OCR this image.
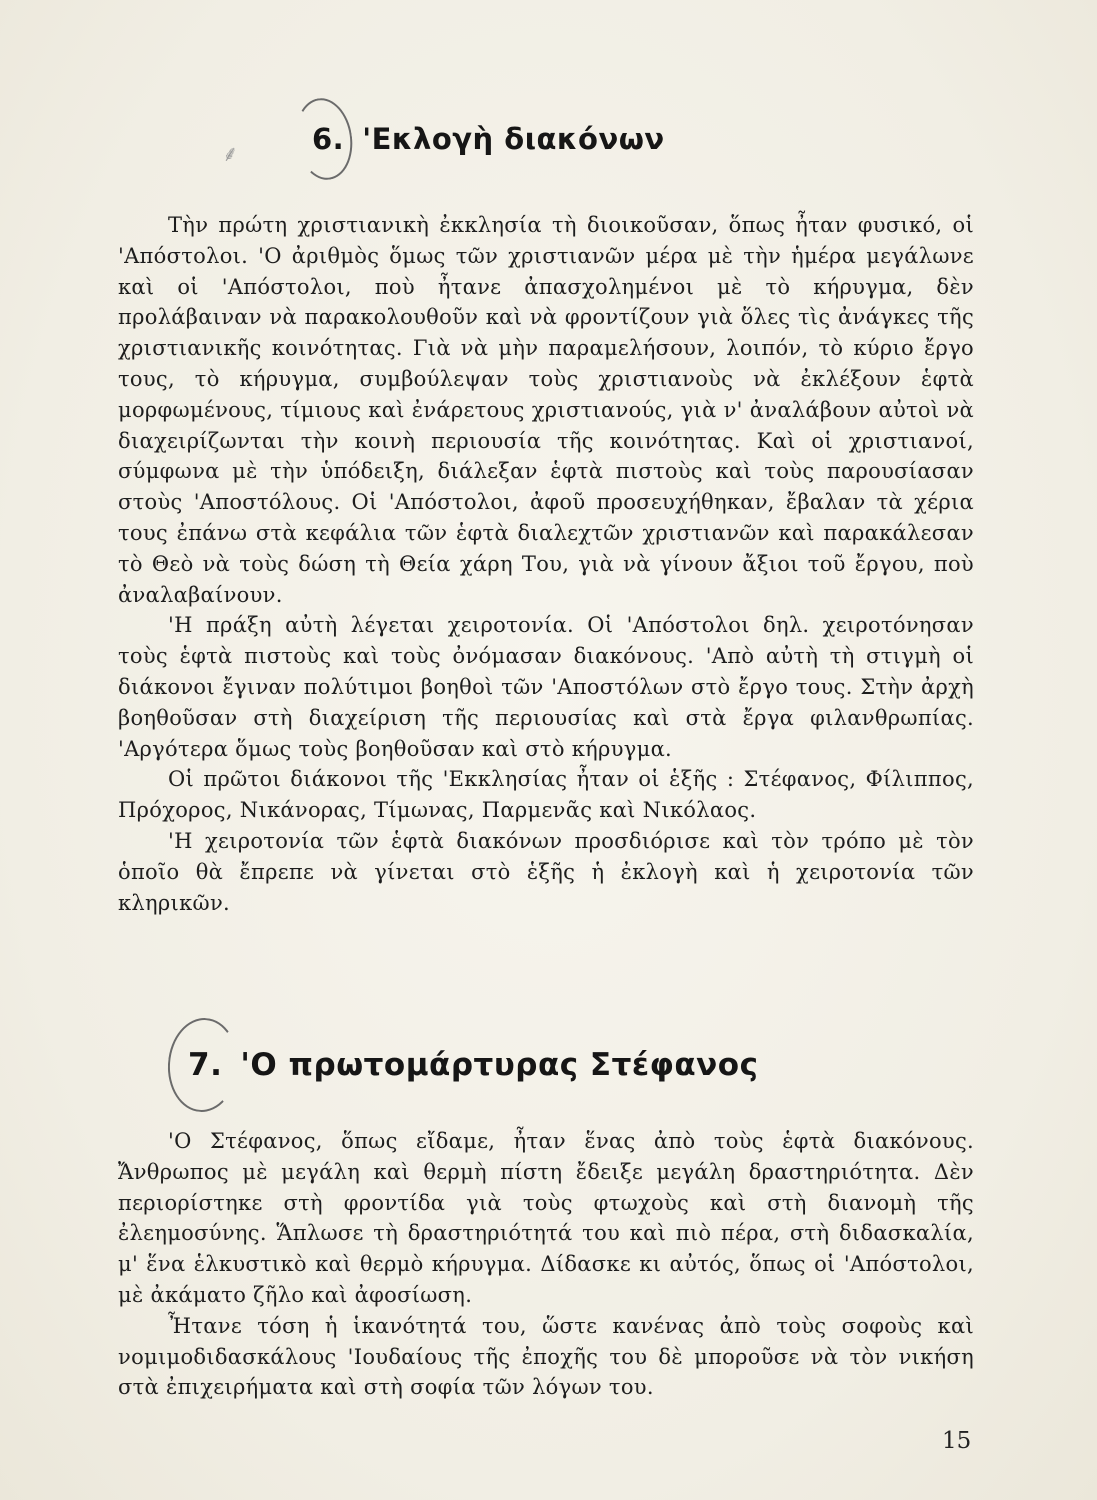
⸙	6. 'Εκλογὴ διακόνων

Τὴν πρώτη χριστιανικὴ ἐκκλησία τὴ διοικοῦσαν, ὅπως ἦταν φυσικό, οἱ 'Απόστολοι. 'Ο ἀριθμὸς ὅμως τῶν χριστιανῶν μέρα μὲ τὴν ἡμέρα μεγάλωνε καὶ οἱ 'Απόστολοι, ποὺ ἦτανε ἀπασχολημένοι μὲ τὸ κήρυγμα, δὲν προλάβαιναν νὰ παρακολουθοῦν καὶ νὰ φροντίζουν γιὰ ὅλες τὶς ἀνάγκες τῆς χριστιανικῆς κοινότητας. Γιὰ νὰ μὴν παραμελήσουν, λοιπόν, τὸ κύριο ἔργο τους, τὸ κήρυγμα, συμβούλεψαν τοὺς χριστιανοὺς νὰ ἐκλέξουν ἑφτὰ μορφωμένους, τίμιους καὶ ἐνάρετους χριστιανούς, γιὰ ν' ἀναλάβουν αὐτοὶ νὰ διαχειρίζωνται τὴν κοινὴ περιουσία τῆς κοινότητας. Καὶ οἱ χριστιανοί, σύμφωνα μὲ τὴν ὑπόδειξη, διάλεξαν ἑφτὰ πιστοὺς καὶ τοὺς παρουσίασαν στοὺς 'Αποστόλους. Οἱ 'Απόστολοι, ἀφοῦ προσευχήθηκαν, ἔβαλαν τὰ χέρια τους ἐπάνω στὰ κεφάλια τῶν ἑφτὰ διαλεχτῶν χριστιανῶν καὶ παρακάλεσαν τὸ Θεὸ νὰ τοὺς δώση τὴ Θεία χάρη Του, γιὰ νὰ γίνουν ἄξιοι τοῦ ἔργου, ποὺ ἀναλαβαίνουν.

'Η πράξη αὐτὴ λέγεται χειροτονία. Οἱ 'Απόστολοι δηλ. χειροτόνησαν τοὺς ἑφτὰ πιστοὺς καὶ τοὺς ὀνόμασαν διακόνους. 'Απὸ αὐτὴ τὴ στιγμὴ οἱ διάκονοι ἔγιναν πολύτιμοι βοηθοὶ τῶν 'Αποστόλων στὸ ἔργο τους. Στὴν ἀρχὴ βοηθοῦσαν στὴ διαχείριση τῆς περιουσίας καὶ στὰ ἔργα φιλανθρωπίας. 'Αργότερα ὅμως τοὺς βοηθοῦσαν καὶ στὸ κήρυγμα.

Οἱ πρῶτοι διάκονοι τῆς 'Εκκλησίας ἦταν οἱ ἑξῆς : Στέφανος, Φίλιππος, Πρόχορος, Νικάνορας, Τίμωνας, Παρμενᾶς καὶ Νικόλαος.

'Η χειροτονία τῶν ἑφτὰ διακόνων προσδιόρισε καὶ τὸν τρόπο μὲ τὸν ὁποῖο θὰ ἔπρεπε νὰ γίνεται στὸ ἑξῆς ἡ ἐκλογὴ καὶ ἡ χειροτονία τῶν κληρικῶν.

7. 'Ο πρωτομάρτυρας Στέφανος

'Ο Στέφανος, ὅπως εἴδαμε, ἦταν ἕνας ἀπὸ τοὺς ἑφτὰ διακόνους. Ἄνθρωπος μὲ μεγάλη καὶ θερμὴ πίστη ἔδειξε μεγάλη δραστηριότητα. Δὲν περιορίστηκε στὴ φροντίδα γιὰ τοὺς φτωχοὺς καὶ στὴ διανομὴ τῆς ἐλεημοσύνης. Ἅπλωσε τὴ δραστηριότητά του καὶ πιὸ πέρα, στὴ διδασκαλία, μ' ἕνα ἑλκυστικὸ καὶ θερμὸ κήρυγμα. Δίδασκε κι αὐτός, ὅπως οἱ 'Απόστολοι, μὲ ἀκάματο ζῆλο καὶ ἀφοσίωση.

Ἦτανε τόση ἡ ἱκανότητά του, ὥστε κανένας ἀπὸ τοὺς σοφοὺς καὶ νομιμοδιδασκάλους 'Ιουδαίους τῆς ἐποχῆς του δὲ μποροῦσε νὰ τὸν νικήση στὰ ἐπιχειρήματα καὶ στὴ σοφία τῶν λόγων του.

15
